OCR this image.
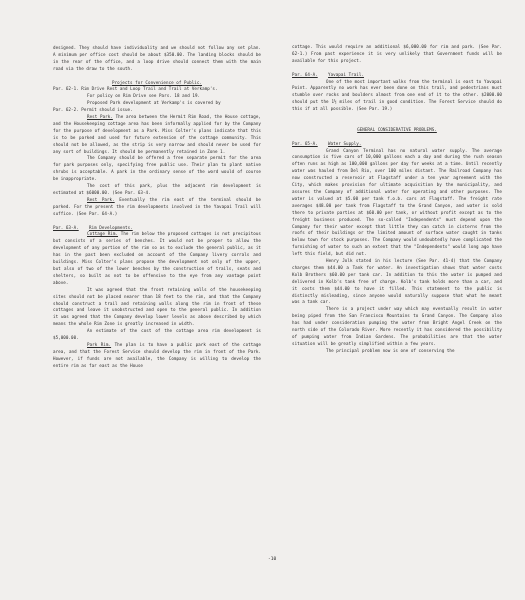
designed. They should have individuality and we should not follow any set plan. A minimum per office cost should be about $350.00. The landing blocks should be in the rear of the office, and a loop drive should connect them with the main road via the draw to the south.

Projects for Convenience of Public.

Par. 62-1. Rim Drive Rest and Loop Trail and Trail at Verkamp's.

For policy on Rim Drive see Pars. 18 and 19.

Proposed Park development at Verkamp's is covered by

Par. 62-2. Permit should issue.

Rest Park. The area between the Hermit Rim Road, the House cottage, and the Housekeeping cottage area has been informally applied for by the Company for the purpose of development as a Park. Miss Colter's plans indicate that this is to be parked and used for future extension of the cottage community. This should not be allowed, as the strip is very narrow and should never be used for any sort of buildings. It should be permanently retained in Zone 1.

The Company should be offered a free separate permit for the area for park purposes only, specifying free public use. Their plan to plant native shrubs is acceptable. A park in the ordinary sense of the word would of course be inappropriate.

The cost of this park, plus the adjacent rim development is estimated at $6000.00. (See Par. 63-4.

Rest Park. Eventually the rim east of the terminal should be parked. For the present the rim developments involved in the Yavapai Trail will suffice. (See Par. 64-A.)

Par. 63-A. Rim Developments.

Cottage Rim. The rim below the proposed cottages is not precipitous but consists of a series of benches. It would not be proper to allow the development of any portion of the rim so as to exclude the general public, as it has in the past been excluded on account of the Company livery corrals and buildings. Miss Colter's plans propose the development not only of the upper, but also of two of the lower benches by the construction of trails, seats and shelters, so built as not to be offensive to the eye from any vantage point above.

It was agreed that the front retaining walls of the housekeeping sites should not be placed nearer than 18 feet to the rim, and that the Company should construct a trail and retaining walls along the rim in front of these cottages and leave it unobstructed and open to the general public. In addition it was agreed that the Company develop lower levels as above described by which means the whole Rim Zone is greatly increased in width.

An estimate of the cost of the cottage area rim development is $5,000.00.

Park Rim. The plan is to have a public park east of the cottage area, and that the Forest Service should develop the rim in front of the Park. However, if funds are not available, the Company is willing to develop the entire rim as far east as the House

cottage. This would require an additional $6,000.00 for rim and park. (See Par. 62-1.) From past experience it is very unlikely that Government funds will be available for this project.

Par. 64-A. Yavapai Trail.

One of the most important walks from the terminal is east to Yavapai Point. Apparently no work has ever been done on this trail, and pedestrians must stumble over rocks and boulders almost from one end of it to the other. $2000.00 should put the 1½ miles of trail in good condition. The Forest Service should do this if at all possible. (See Par. 19.)

GENERAL CONSIDERATIVE PROBLEMS.

Par. 65-A. Water Supply.

Grand Canyon Terminal has no natural water supply. The average consumption is five cars of 10,000 gallons each a day and during the rush season often runs as high as 100,000 gallons per day for weeks at a time. Until recently water was hauled from Del Rio, over 100 miles distant. The Railroad Company has now constructed a reservoir at Flagstaff under a ten year agreement with the City, which makes provision for ultimate acquisition by the municipality, and assures the Company of additional water for operating and other purposes. The water is valued at $5.00 per tank f.o.b. cars at Flagstaff. The freight rate averages $48.00 per tank from Flagstaff to the Grand Canyon, and water is sold there to private parties at $60.00 per tank, or without profit except as to the freight business produced. The so-called "Independents" must depend upon the Company for their water except that little they can catch in cisterns from the roofs of their buildings or the limited amount of surface water caught in tanks below town for stock purposes. The Company would undoubtedly have complicated the furnishing of water to such an extent that the "Independents" would long ago have left this field, but did not.

Henry Jolk stated in his lecture (See Par. 41-4) that the Company charges them $44.00 a Tank for water. An investigation shows that water costs Kolb Brothers $60.00 per tank car. In addition to this the water is pumped and delivered in Kolb's tank free of charge. Kolb's tank holds more than a car, and it costs them $44.00 to have it filled. This statement to the public is distinctly misleading, since anyone would naturally suppose that what he meant was a tank car.

There is a project under way which may eventually result in water being piped from the San Francisco Mountains to Grand Canyon. The Company also has had under consideration pumping the water from Bright Angel Creek on the north side of the Colorado River. More recently it has considered the possibility of pumping water from Indian Gardens. The probabilities are that the water situation will be greatly simplified within a few years.

The principal problem now is one of conserving the

-10
